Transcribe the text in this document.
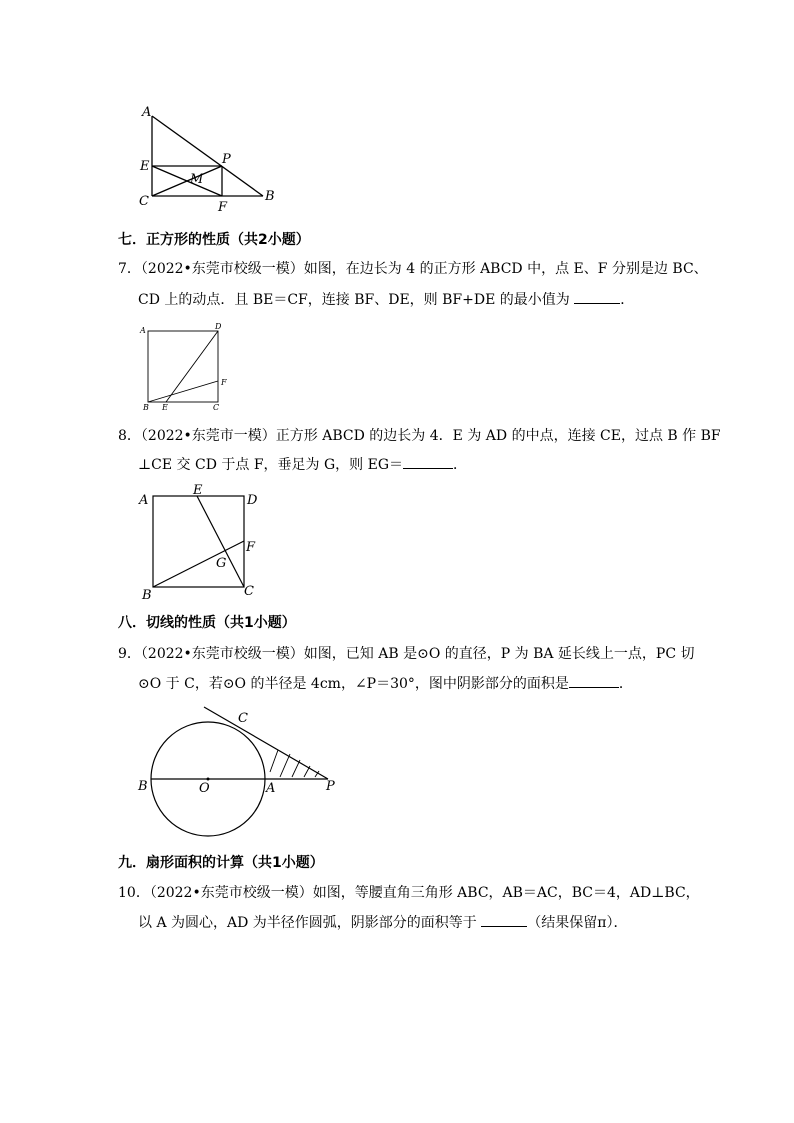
A
E	P
M
C	F
B
七．正方形的性质（共2小题）
7．（2022•东莞市校级一模）如图，在边长为 4 的正方形 ABCD 中，点 E、F 分别是边 BC、
CD 上的动点．且 BE＝CF，连接 BF、DE，则 BF+DE 的最小值为	．
A	D
F
B E	C
8．（2022•东莞市一模）正方形 ABCD 的边长为 4．E 为 AD 的中点，连接 CE，过点 B 作 BF
⊥CE 交 CD 于点 F，垂足为 G，则 EG＝	．
A
E
D
F
G
B	C
八．切线的性质（共1小题）
9．（2022•东莞市校级一模）如图，已知 AB 是⊙O 的直径，P 为 BA 延长线上一点，PC 切
⊙O 于 C，若⊙O 的半径是 4cm，∠P＝30°，图中阴影部分的面积是	．
C
B	O	A	P
九．扇形面积的计算（共1小题）
10．（2022•东莞市校级一模）如图，等腰直角三角形 ABC，AB＝AC，BC＝4，AD⊥BC，
以 A 为圆心，AD 为半径作圆弧，阴影部分的面积等于	（结果保留π）．
